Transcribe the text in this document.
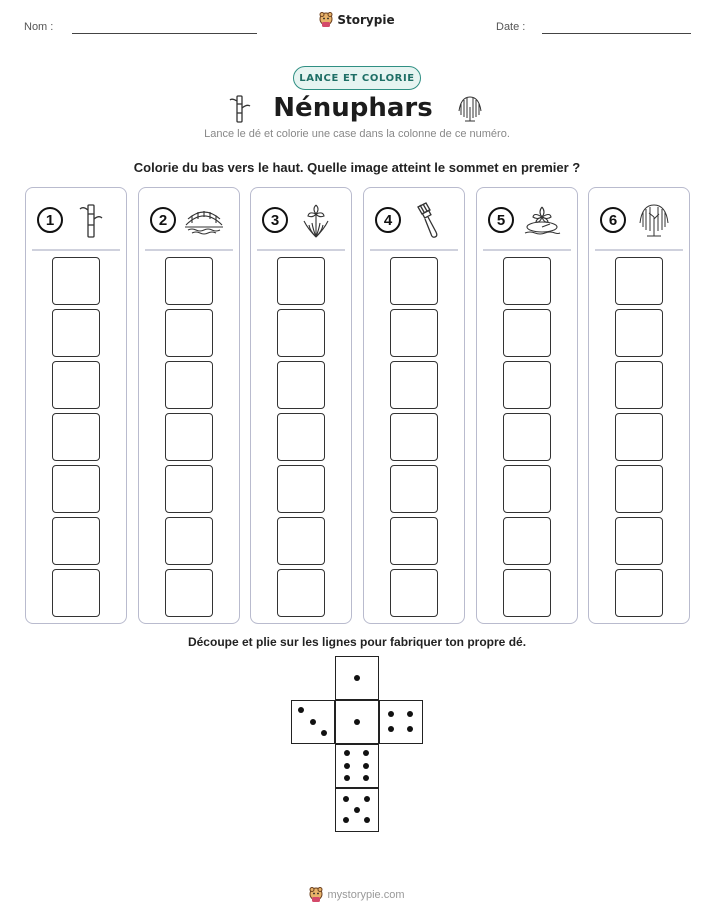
Nom :	Date :
Storypie
LANCE ET COLORIE
Nénuphars
Lance le dé et colorie une case dans la colonne de ce numéro.
Colorie du bas vers le haut. Quelle image atteint le sommet en premier ?
1	2	3	4	5	6
Découpe et plie sur les lignes pour fabriquer ton propre dé.
mystorypie.com
